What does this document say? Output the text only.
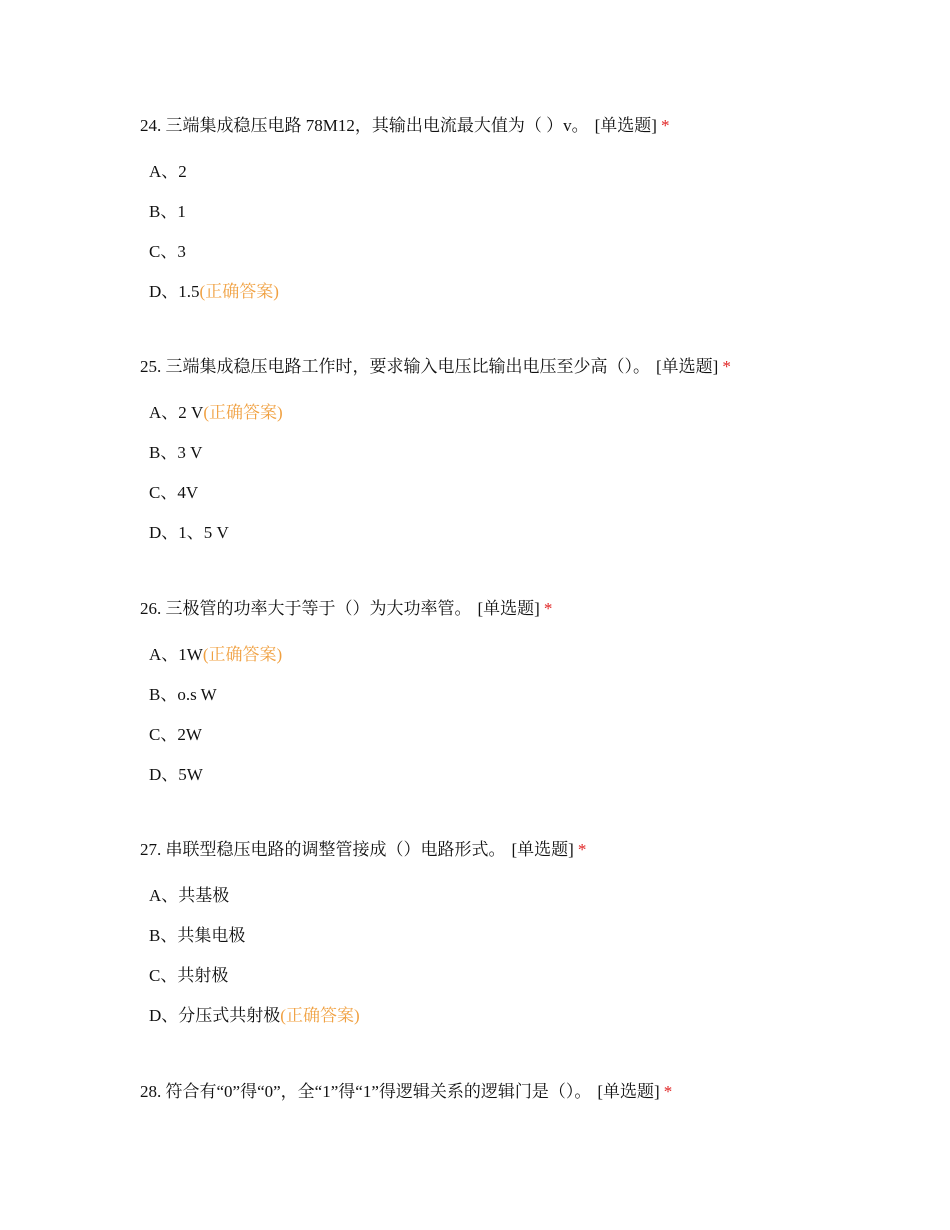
24. 三端集成稳压电路 78M12，其输出电流最大值为（ ）v。 [单选题] *
A、2
B、1
C、3
D、1.5(正确答案)
25. 三端集成稳压电路工作时，要求输入电压比输出电压至少高（）。 [单选题] *
A、2 V(正确答案)
B、3 V
C、4V
D、1、5 V
26. 三极管的功率大于等于（）为大功率管。 [单选题] *
A、1W(正确答案)
B、o.s W
C、2W
D、5W
27. 串联型稳压电路的调整管接成（）电路形式。 [单选题] *
A、共基极
B、共集电极
C、共射极
D、分压式共射极(正确答案)
28. 符合有“0”得“0”，全“1”得“1”得逻辑关系的逻辑门是（）。 [单选题] *
